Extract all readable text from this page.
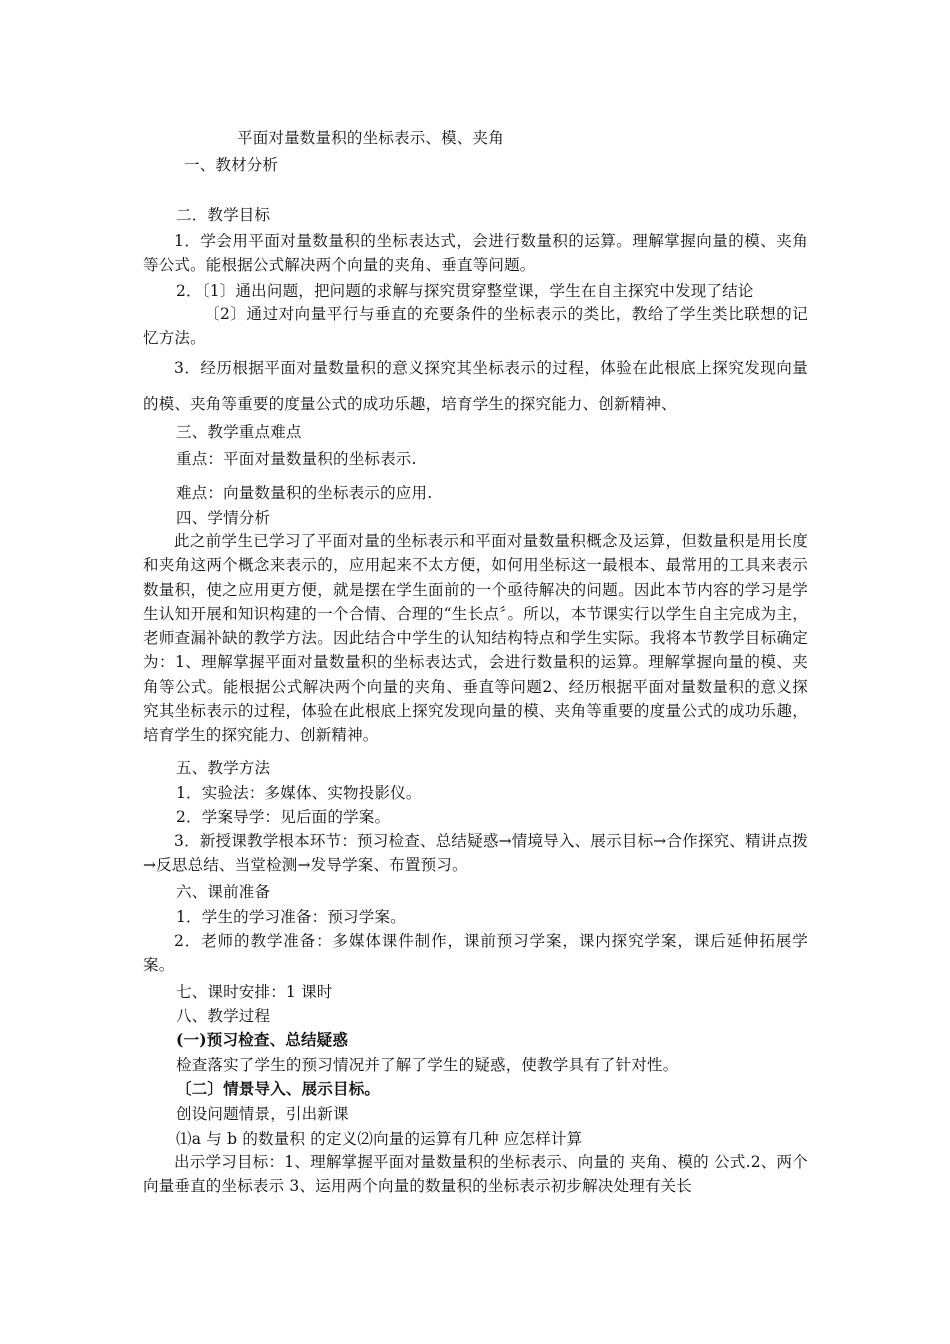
平面对量数量积的坐标表示、模、夹角
一、教材分析
二．教学目标
1．学会用平面对量数量积的坐标表达式，会进行数量积的运算。理解掌握向量的模、夹角等公式。能根据公式解决两个向量的夹角、垂直等问题。
2．〔1〕通出问题，把问题的求解与探究贯穿整堂课，学生在自主探究中发现了结论
〔2〕通过对向量平行与垂直的充要条件的坐标表示的类比，教给了学生类比联想的记忆方法。
3．经历根据平面对量数量积的意义探究其坐标表示的过程，体验在此根底上探究发现向量的模、夹角等重要的度量公式的成功乐趣，培育学生的探究能力、创新精神、
三、教学重点难点
重点：平面对量数量积的坐标表示.
难点：向量数量积的坐标表示的应用.
四、学情分析
此之前学生已学习了平面对量的坐标表示和平面对量数量积概念及运算，但数量积是用长度和夹角这两个概念来表示的，应用起来不太方便，如何用坐标这一最根本、最常用的工具来表示数量积，使之应用更方便，就是摆在学生面前的一个亟待解决的问题。因此本节内容的学习是学生认知开展和知识构建的一个合情、合理的“生长点〞。所以，本节课实行以学生自主完成为主，老师查漏补缺的教学方法。因此结合中学生的认知结构特点和学生实际。我将本节教学目标确定为：1、理解掌握平面对量数量积的坐标表达式，会进行数量积的运算。理解掌握向量的模、夹角等公式。能根据公式解决两个向量的夹角、垂直等问题2、经历根据平面对量数量积的意义探究其坐标表示的过程，体验在此根底上探究发现向量的模、夹角等重要的度量公式的成功乐趣，培育学生的探究能力、创新精神。
五、教学方法
1．实验法：多媒体、实物投影仪。
2．学案导学：见后面的学案。
3．新授课教学根本环节：预习检查、总结疑惑→情境导入、展示目标→合作探究、精讲点拨→反思总结、当堂检测→发导学案、布置预习。
六、课前准备
1．学生的学习准备：预习学案。
2．老师的教学准备：多媒体课件制作，课前预习学案，课内探究学案，课后延伸拓展学案。
七、课时安排：1 课时
八、教学过程
(一)预习检查、总结疑惑
检查落实了学生的预习情况并了解了学生的疑惑，使教学具有了针对性。
〔二〕情景导入、展示目标。
创设问题情景，引出新课
⑴a 与 b 的数量积 的定义⑵向量的运算有几种 应怎样计算
出示学习目标：1、理解掌握平面对量数量积的坐标表示、向量的 夹角、模的 公式.2、两个向量垂直的坐标表示 3、运用两个向量的数量积的坐标表示初步解决处理有关长
